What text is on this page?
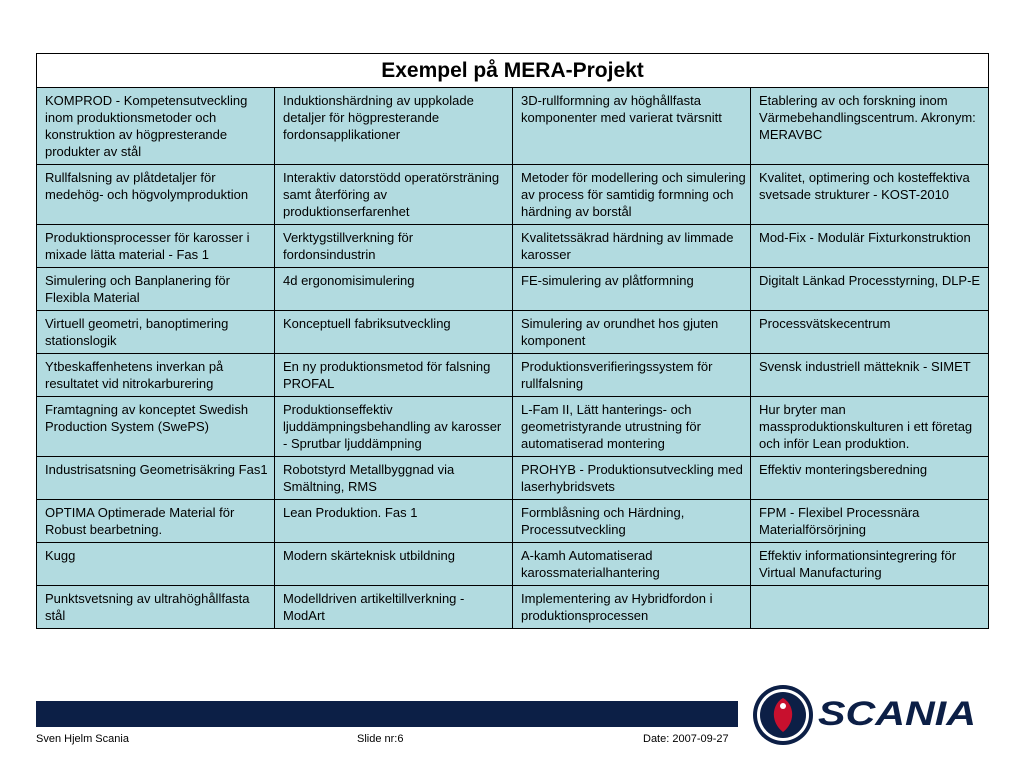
Exempel på MERA-Projekt			
KOMPROD - Kompetensutveckling inom produktionsmetoder och konstruktion av högpresterande produkter av stål	Induktionshärdning av uppkolade detaljer för högpresterande fordonsapplikationer	3D-rullformning av höghållfasta komponenter med varierat tvärsnitt	Etablering av och forskning inom Värmebehandlingscentrum. Akronym: MERAVBC
Rullfalsning av plåtdetaljer för medehög- och högvolymproduktion	Interaktiv datorstödd operatörsträning samt återföring av produktionserfarenhet	Metoder för modellering och simulering av process för samtidig formning och härdning av borstål	Kvalitet, optimering och kosteffektiva svetsade strukturer - KOST-2010
Produktionsprocesser för karosser i mixade lätta material - Fas 1	Verktygstillverkning för fordonsindustrin	Kvalitetssäkrad härdning av limmade karosser	Mod-Fix - Modulär Fixturkonstruktion
Simulering och Banplanering för Flexibla Material	4d ergonomisimulering	FE-simulering av plåtformning	Digitalt Länkad Processtyrning, DLP-E
Virtuell geometri, banoptimering stationslogik	Konceptuell fabriksutveckling	Simulering av orundhet hos gjuten komponent	Processvätskecentrum
Ytbeskaffenhetens inverkan på resultatet vid nitrokarburering	En ny produktionsmetod för falsning PROFAL	Produktionsverifieringssystem för rullfalsning	Svensk industriell mätteknik - SIMET
Framtagning av konceptet Swedish Production System (SwePS)	Produktionseffektiv ljuddämpningsbehandling av karosser - Sprutbar ljuddämpning	L-Fam II, Lätt hanterings- och geometristyrande utrustning för automatiserad montering	Hur bryter man massproduktionskulturen i ett företag och inför Lean produktion.
Industrisatsning Geometrisäkring Fas1	Robotstyrd Metallbyggnad via Smältning, RMS	PROHYB - Produktionsutveckling med laserhybridsvets	Effektiv monteringsberedning
OPTIMA Optimerade Material för Robust bearbetning.	Lean Produktion. Fas 1	Formblåsning och Härdning, Processutveckling	FPM - Flexibel Processnära Materialförsörjning
Kugg	Modern skärteknisk utbildning	A-kamh Automatiserad karossmaterialhantering	Effektiv informationsintegrering för Virtual Manufacturing
Punktsvetsning av ultrahöghållfasta stål	Modelldriven artikeltillverkning - ModArt	Implementering av Hybridfordon i produktionsprocessen	
Sven Hjelm Scania	Slide nr:6	Date: 2007-09-27
SCANIA
